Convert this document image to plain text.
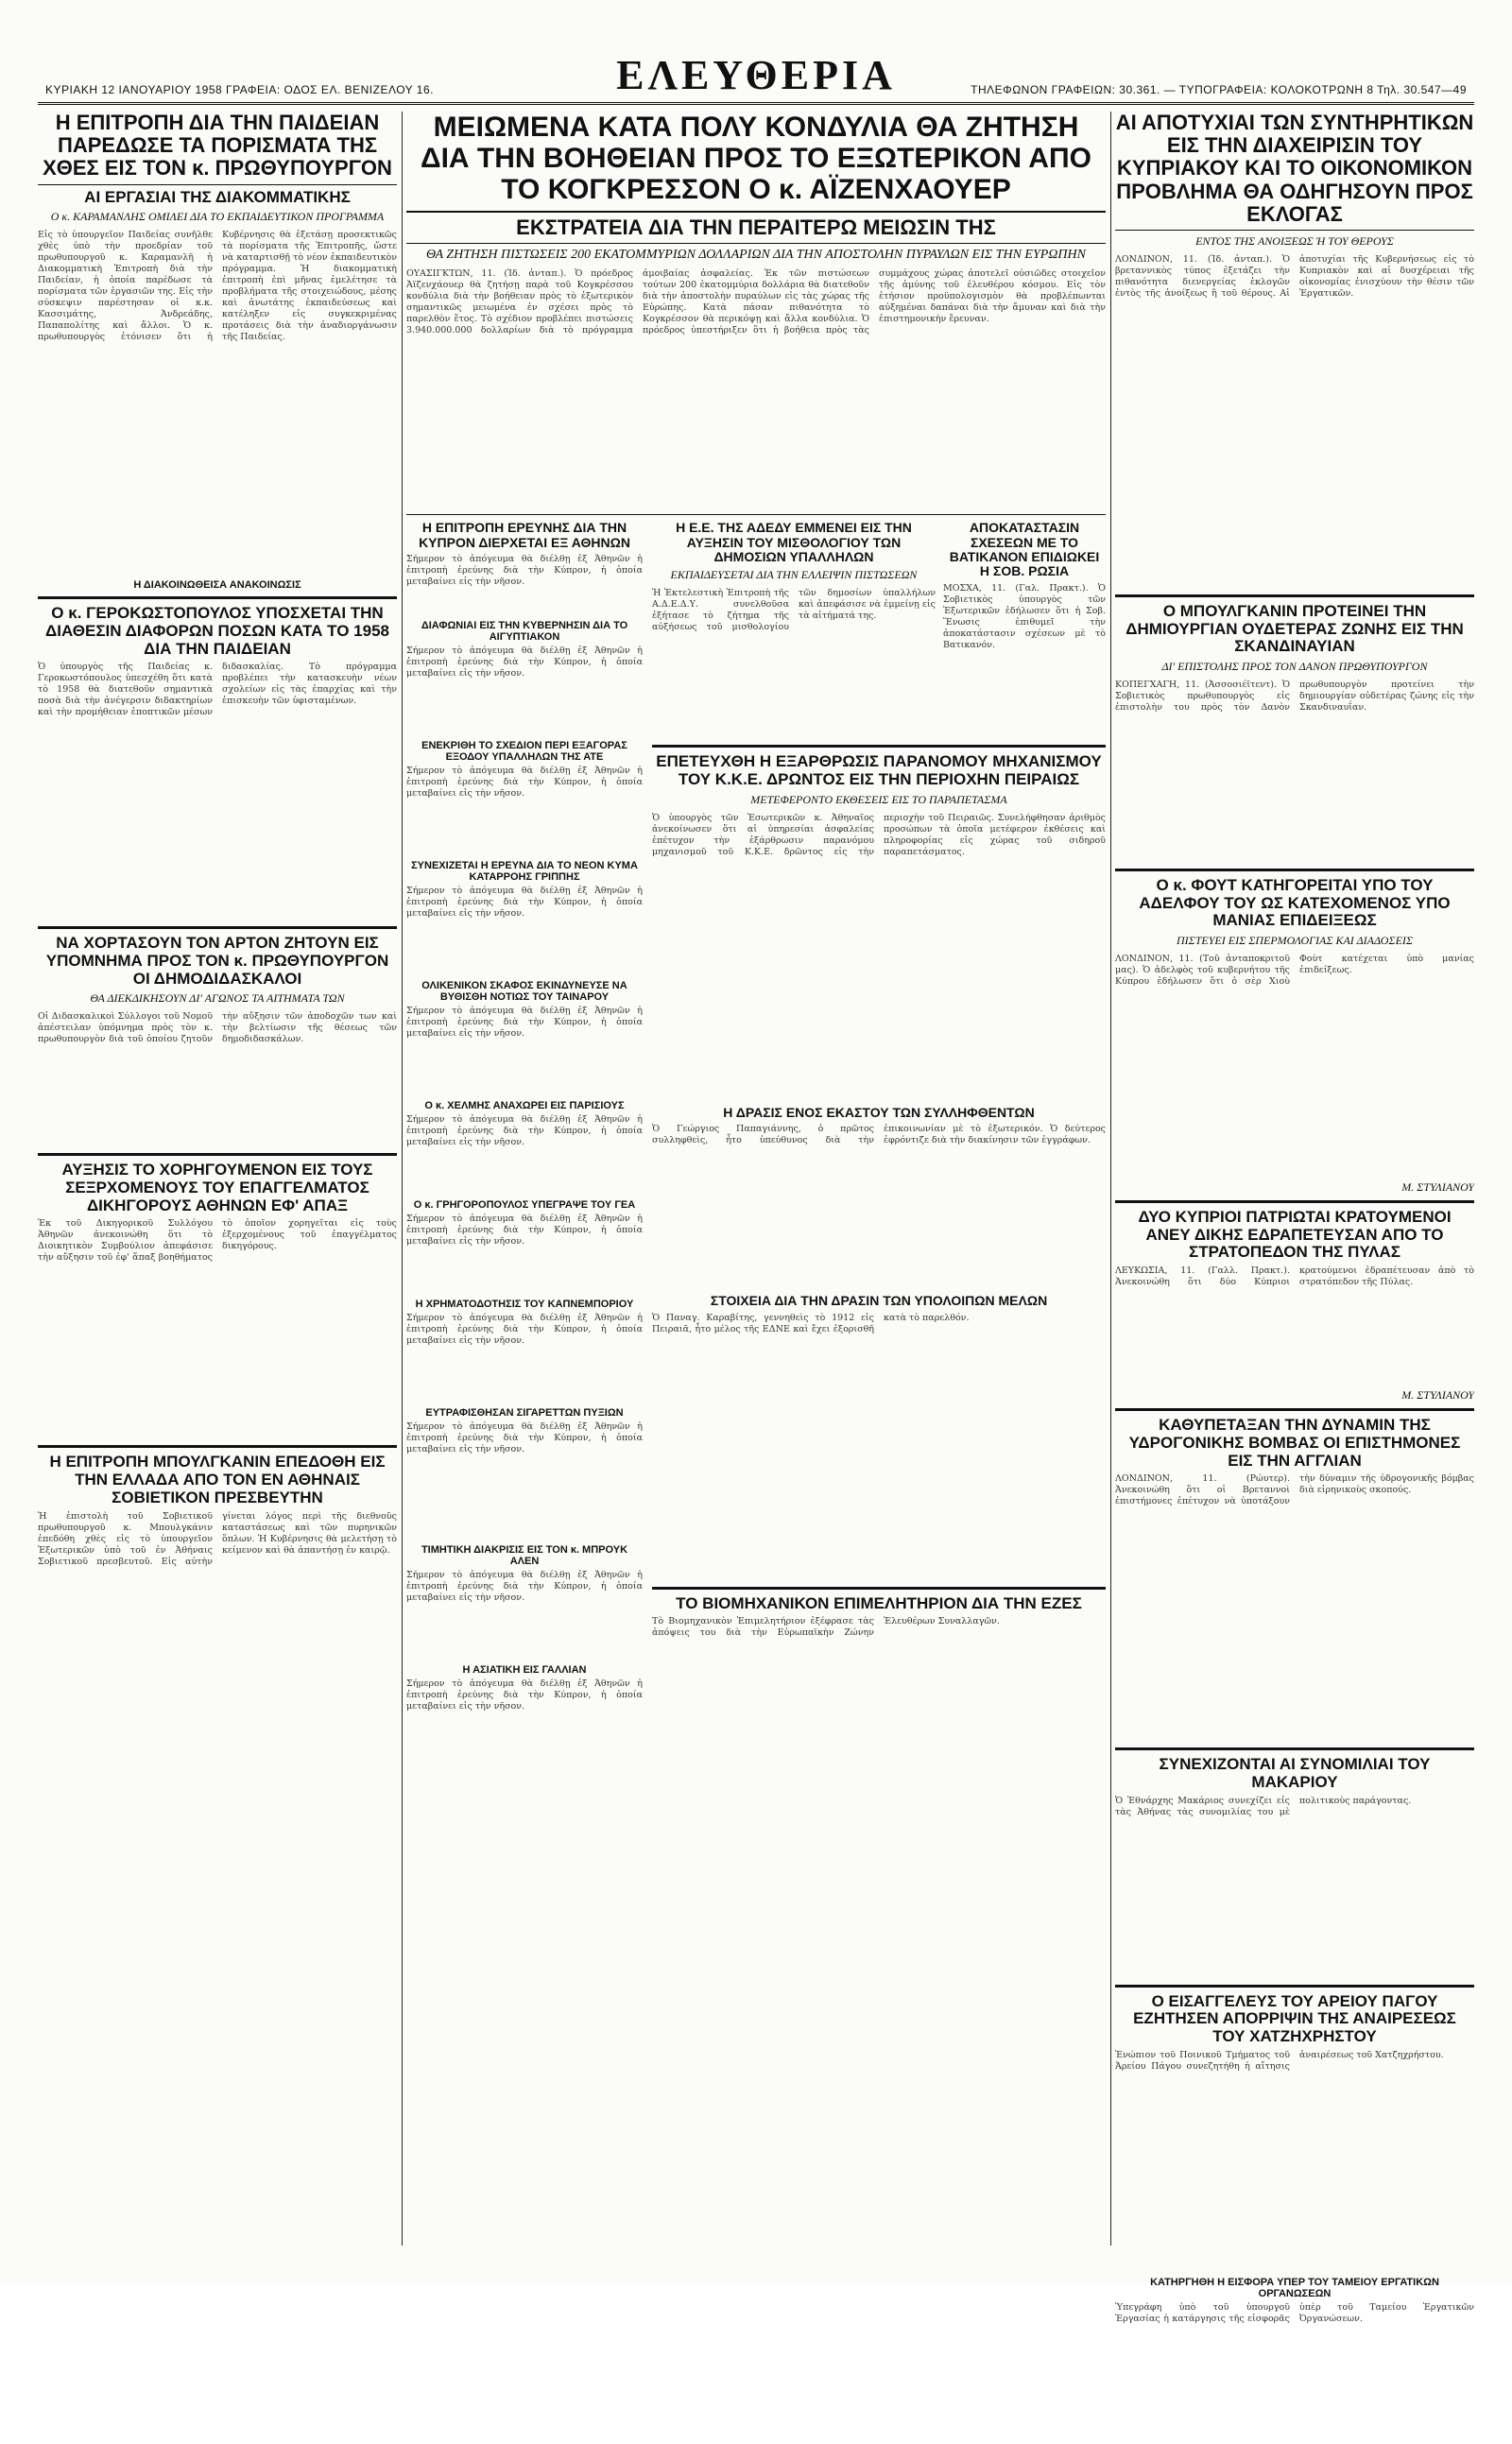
ΚΥΡΙΑΚΗ 12 ΙΑΝΟΥΑΡΙΟΥ 1958 ΓΡΑΦΕΙΑ: ΟΔΟΣ ΕΛ. ΒΕΝΙΖΕΛΟΥ 16.	ΕΛΕΥΘΕΡΙΑ	ΤΗΛΕΦΩΝΟΝ ΓΡΑΦΕΙΩΝ: 30.361. — ΤΥΠΟΓΡΑΦΕΙΑ: ΚΟΛΟΚΟΤΡΩΝΗ 8 Τηλ. 30.547—49
Η ΕΠΙΤΡΟΠΗ ΔΙΑ ΤΗΝ ΠΑΙΔΕΙΑΝ ΠΑΡΕΔΩΣΕ ΤΑ ΠΟΡΙΣΜΑΤΑ ΤΗΣ ΧΘΕΣ ΕΙΣ ΤΟΝ κ. ΠΡΩΘΥΠΟΥΡΓΟΝ
ΑΙ ΕΡΓΑΣΙΑΙ ΤΗΣ ΔΙΑΚΟΜΜΑΤΙΚΗΣ
Ο κ. ΚΑΡΑΜΑΝΛΗΣ ΟΜΙΛΕΙ ΔΙΑ ΤΟ ΕΚΠΑΙΔΕΥΤΙΚΟΝ ΠΡΟΓΡΑΜΜΑ
Εἰς τὸ ὑπουργεῖον Παιδείας συνῆλθε χθὲς ὑπὸ τὴν προεδρίαν τοῦ πρωθυπουργοῦ κ. Καραμανλῆ ἡ Διακομματικὴ Ἐπιτροπὴ διὰ τὴν Παιδείαν, ἡ ὁποία παρέδωσε τὰ πορίσματα τῶν ἐργασιῶν της. Εἰς τὴν σύσκεψιν παρέστησαν οἱ κ.κ. Κασσιμάτης, Ἀνδρεάδης, Παπαπολίτης καὶ ἄλλοι. Ὁ κ. πρωθυπουργὸς ἐτόνισεν ὅτι ἡ Κυβέρνησις θὰ ἐξετάσῃ προσεκτικῶς τὰ πορίσματα τῆς Ἐπιτροπῆς, ὥστε νὰ καταρτισθῇ τὸ νέον ἐκπαιδευτικὸν πρόγραμμα. Ἡ διακομματικὴ ἐπιτροπὴ ἐπὶ μῆνας ἐμελέτησε τὰ προβλήματα τῆς στοιχειώδους, μέσης καὶ ἀνωτάτης ἐκπαιδεύσεως καὶ κατέληξεν εἰς συγκεκριμένας προτάσεις διὰ τὴν ἀναδιοργάνωσιν τῆς Παιδείας.
Η ΔΙΑΚΟΙΝΩΘΕΙΣΑ ΑΝΑΚΟΙΝΩΣΙΣ
Ο κ. ΓΕΡΟΚΩΣΤΟΠΟΥΛΟΣ ΥΠΟΣΧΕΤΑΙ ΤΗΝ ΔΙΑΘΕΣΙΝ ΔΙΑΦΟΡΩΝ ΠΟΣΩΝ ΚΑΤΑ ΤΟ 1958 ΔΙΑ ΤΗΝ ΠΑΙΔΕΙΑΝ
Ὁ ὑπουργὸς τῆς Παιδείας κ. Γεροκωστόπουλος ὑπεσχέθη ὅτι κατὰ τὸ 1958 θὰ διατεθοῦν σημαντικὰ ποσὰ διὰ τὴν ἀνέγερσιν διδακτηρίων καὶ τὴν προμήθειαν ἐποπτικῶν μέσων διδασκαλίας. Τὸ πρόγραμμα προβλέπει τὴν κατασκευὴν νέων σχολείων εἰς τὰς ἐπαρχίας καὶ τὴν ἐπισκευὴν τῶν ὑφισταμένων.
ΝΑ ΧΟΡΤΑΣΟΥΝ ΤΟΝ ΑΡΤΟΝ ΖΗΤΟΥΝ ΕΙΣ ΥΠΟΜΝΗΜΑ ΠΡΟΣ ΤΟΝ κ. ΠΡΩΘΥΠΟΥΡΓΟΝ ΟΙ ΔΗΜΟΔΙΔΑΣΚΑΛΟΙ
ΘΑ ΔΙΕΚΔΙΚΗΣΟΥΝ ΔΙ' ΑΓΩΝΟΣ ΤΑ ΑΙΤΗΜΑΤΑ ΤΩΝ
Οἱ Διδασκαλικοὶ Σύλλογοι τοῦ Νομοῦ ἀπέστειλαν ὑπόμνημα πρὸς τὸν κ. πρωθυπουργὸν διὰ τοῦ ὁποίου ζητοῦν τὴν αὔξησιν τῶν ἀποδοχῶν των καὶ τὴν βελτίωσιν τῆς θέσεως τῶν δημοδιδασκάλων.
ΑΥΞΗΣΙΣ ΤΟ ΧΟΡΗΓΟΥΜΕΝΟΝ ΕΙΣ ΤΟΥΣ ΣΕΞΡΧΟΜΕΝΟΥΣ ΤΟΥ ΕΠΑΓΓΕΛΜΑΤΟΣ ΔΙΚΗΓΟΡΟΥΣ ΑΘΗΝΩΝ ΕΦ' ΑΠΑΞ
Ἐκ τοῦ Δικηγορικοῦ Συλλόγου Ἀθηνῶν ἀνεκοινώθη ὅτι τὸ Διοικητικὸν Συμβούλιον ἀπεφάσισε τὴν αὔξησιν τοῦ ἐφ' ἅπαξ βοηθήματος τὸ ὁποῖον χορηγεῖται εἰς τοὺς ἐξερχομένους τοῦ ἐπαγγέλματος δικηγόρους.
Η ΕΠΙΤΡΟΠΗ ΜΠΟΥΛΓΚΑΝΙΝ ΕΠΕΔΟΘΗ ΕΙΣ ΤΗΝ ΕΛΛΑΔΑ ΑΠΟ ΤΟΝ ΕΝ ΑΘΗΝΑΙΣ ΣΟΒΙΕΤΙΚΟΝ ΠΡΕΣΒΕΥΤΗΝ
Ἡ ἐπιστολὴ τοῦ Σοβιετικοῦ πρωθυπουργοῦ κ. Μπουλγκάνιν ἐπεδόθη χθὲς εἰς τὸ ὑπουργεῖον Ἐξωτερικῶν ὑπὸ τοῦ ἐν Ἀθήναις Σοβιετικοῦ πρεσβευτοῦ. Εἰς αὐτὴν γίνεται λόγος περὶ τῆς διεθνοῦς καταστάσεως καὶ τῶν πυρηνικῶν ὅπλων. Ἡ Κυβέρνησις θὰ μελετήσῃ τὸ κείμενον καὶ θὰ ἀπαντήσῃ ἐν καιρῷ.
ΜΕΙΩΜΕΝΑ ΚΑΤΑ ΠΟΛΥ ΚΟΝΔΥΛΙΑ ΘΑ ΖΗΤΗΣΗ ΔΙΑ ΤΗΝ ΒΟΗΘΕΙΑΝ ΠΡΟΣ ΤΟ ΕΞΩΤΕΡΙΚΟΝ ΑΠΟ ΤΟ ΚΟΓΚΡΕΣΣΟΝ Ο κ. ΑΪΖΕΝΧΑΟΥΕΡ
ΕΚΣΤΡΑΤΕΙΑ ΔΙΑ ΤΗΝ ΠΕΡΑΙΤΕΡΩ ΜΕΙΩΣΙΝ ΤΗΣ
ΘΑ ΖΗΤΗΣΗ ΠΙΣΤΩΣΕΙΣ 200 ΕΚΑΤΟΜΜΥΡΙΩΝ ΔΟΛΛΑΡΙΩΝ ΔΙΑ ΤΗΝ ΑΠΟΣΤΟΛΗΝ ΠΥΡΑΥΛΩΝ ΕΙΣ ΤΗΝ ΕΥΡΩΠΗΝ
ΟΥΑΣΙΓΚΤΩΝ, 11. (Ἰδ. ἀνταπ.). Ὁ πρόεδρος Ἀϊζενχάουερ θὰ ζητήσῃ παρὰ τοῦ Κογκρέσσου κονδύλια διὰ τὴν βοήθειαν πρὸς τὸ ἐξωτερικὸν σημαντικῶς μειωμένα ἐν σχέσει πρὸς τὸ παρελθὸν ἔτος. Τὸ σχέδιον προβλέπει πιστώσεις 3.940.000.000 δολλαρίων διὰ τὸ πρόγραμμα ἀμοιβαίας ἀσφαλείας. Ἐκ τῶν πιστώσεων τούτων 200 ἑκατομμύρια δολλάρια θὰ διατεθοῦν διὰ τὴν ἀποστολὴν πυραύλων εἰς τὰς χώρας τῆς Εὐρώπης. Κατὰ πάσαν πιθανότητα τὸ Κογκρέσσον θὰ περικόψῃ καὶ ἄλλα κονδύλια. Ὁ πρόεδρος ὑπεστήριξεν ὅτι ἡ βοήθεια πρὸς τὰς συμμάχους χώρας ἀποτελεῖ οὐσιῶδες στοιχεῖον τῆς ἀμύνης τοῦ ἐλευθέρου κόσμου. Εἰς τὸν ἐτήσιον προϋπολογισμὸν θὰ προβλέπωνται αὐξημέναι δαπάναι διὰ τὴν ἄμυναν καὶ διὰ τὴν ἐπιστημονικὴν ἔρευναν.
Η ΕΠΙΤΡΟΠΗ ΕΡΕΥΝΗΣ ΔΙΑ ΤΗΝ ΚΥΠΡΟΝ ΔΙΕΡΧΕΤΑΙ ΕΞ ΑΘΗΝΩΝ
Σήμερον τὸ ἀπόγευμα θὰ διέλθῃ ἐξ Ἀθηνῶν ἡ ἐπιτροπὴ ἐρεύνης διὰ τὴν Κύπρον, ἡ ὁποία μεταβαίνει εἰς τὴν νῆσον.
ΔΙΑΦΩΝΙΑΙ ΕΙΣ ΤΗΝ ΚΥΒΕΡΝΗΣΙΝ ΔΙΑ ΤΟ ΑΙΓΥΠΤΙΑΚΟΝ
Σήμερον τὸ ἀπόγευμα θὰ διέλθῃ ἐξ Ἀθηνῶν ἡ ἐπιτροπὴ ἐρεύνης διὰ τὴν Κύπρον, ἡ ὁποία μεταβαίνει εἰς τὴν νῆσον.
ΕΝΕΚΡΙΘΗ ΤΟ ΣΧΕΔΙΟΝ ΠΕΡΙ ΕΞΑΓΟΡΑΣ ΕΞΟΔΟΥ ΥΠΑΛΛΗΛΩΝ ΤΗΣ ΑΤΕ
Σήμερον τὸ ἀπόγευμα θὰ διέλθῃ ἐξ Ἀθηνῶν ἡ ἐπιτροπὴ ἐρεύνης διὰ τὴν Κύπρον, ἡ ὁποία μεταβαίνει εἰς τὴν νῆσον.
ΣΥΝΕΧΙΖΕΤΑΙ Η ΕΡΕΥΝΑ ΔΙΑ ΤΟ ΝΕΟΝ ΚΥΜΑ ΚΑΤΑΡΡΟΗΣ ΓΡΙΠΠΗΣ
Σήμερον τὸ ἀπόγευμα θὰ διέλθῃ ἐξ Ἀθηνῶν ἡ ἐπιτροπὴ ἐρεύνης διὰ τὴν Κύπρον, ἡ ὁποία μεταβαίνει εἰς τὴν νῆσον.
ΟΛΙΚΕΝΙΚΟΝ ΣΚΑΦΟΣ ΕΚΙΝΔΥΝΕΥΣΕ ΝΑ ΒΥΘΙΣΘΗ ΝΟΤΙΩΣ ΤΟΥ ΤΑΙΝΑΡΟΥ
Σήμερον τὸ ἀπόγευμα θὰ διέλθῃ ἐξ Ἀθηνῶν ἡ ἐπιτροπὴ ἐρεύνης διὰ τὴν Κύπρον, ἡ ὁποία μεταβαίνει εἰς τὴν νῆσον.
Ο κ. ΧΕΛΜΗΣ ΑΝΑΧΩΡΕΙ ΕΙΣ ΠΑΡΙΣΙΟΥΣ
Σήμερον τὸ ἀπόγευμα θὰ διέλθῃ ἐξ Ἀθηνῶν ἡ ἐπιτροπὴ ἐρεύνης διὰ τὴν Κύπρον, ἡ ὁποία μεταβαίνει εἰς τὴν νῆσον.
Ο κ. ΓΡΗΓΟΡΟΠΟΥΛΟΣ ΥΠΕΓΡΑΨΕ ΤΟΥ ΓΕΑ
Σήμερον τὸ ἀπόγευμα θὰ διέλθῃ ἐξ Ἀθηνῶν ἡ ἐπιτροπὴ ἐρεύνης διὰ τὴν Κύπρον, ἡ ὁποία μεταβαίνει εἰς τὴν νῆσον.
Η ΧΡΗΜΑΤΟΔΟΤΗΣΙΣ ΤΟΥ ΚΑΠΝΕΜΠΟΡΙΟΥ
Σήμερον τὸ ἀπόγευμα θὰ διέλθῃ ἐξ Ἀθηνῶν ἡ ἐπιτροπὴ ἐρεύνης διὰ τὴν Κύπρον, ἡ ὁποία μεταβαίνει εἰς τὴν νῆσον.
ΕΥΤΡΑΦΙΣΘΗΣΑΝ ΣΙΓΑΡΕΤΤΩΝ ΠΥΞΙΩΝ
Σήμερον τὸ ἀπόγευμα θὰ διέλθῃ ἐξ Ἀθηνῶν ἡ ἐπιτροπὴ ἐρεύνης διὰ τὴν Κύπρον, ἡ ὁποία μεταβαίνει εἰς τὴν νῆσον.
ΤΙΜΗΤΙΚΗ ΔΙΑΚΡΙΣΙΣ ΕΙΣ ΤΟΝ κ. ΜΠΡΟΥΚ ΑΛΕΝ
Σήμερον τὸ ἀπόγευμα θὰ διέλθῃ ἐξ Ἀθηνῶν ἡ ἐπιτροπὴ ἐρεύνης διὰ τὴν Κύπρον, ἡ ὁποία μεταβαίνει εἰς τὴν νῆσον.
Η ΑΣΙΑΤΙΚΗ ΕΙΣ ΓΑΛΛΙΑΝ
Σήμερον τὸ ἀπόγευμα θὰ διέλθῃ ἐξ Ἀθηνῶν ἡ ἐπιτροπὴ ἐρεύνης διὰ τὴν Κύπρον, ἡ ὁποία μεταβαίνει εἰς τὴν νῆσον.
Η Ε.Ε. ΤΗΣ ΑΔΕΔΥ ΕΜΜΕΝΕΙ ΕΙΣ ΤΗΝ ΑΥΞΗΣΙΝ ΤΟΥ ΜΙΣΘΟΛΟΓΙΟΥ ΤΩΝ ΔΗΜΟΣΙΩΝ ΥΠΑΛΛΗΛΩΝ
ΕΚΠΑΙΔΕΥΣΕΤΑΙ ΔΙΑ ΤΗΝ ΕΛΛΕΙΨΙΝ ΠΙΣΤΩΣΕΩΝ
Ἡ Ἐκτελεστικὴ Ἐπιτροπὴ τῆς Α.Δ.Ε.Δ.Υ. συνελθοῦσα ἐξήτασε τὸ ζήτημα τῆς αὐξήσεως τοῦ μισθολογίου τῶν δημοσίων ὑπαλλήλων καὶ ἀπεφάσισε νὰ ἐμμείνῃ εἰς τὰ αἰτήματά της.
ΑΠΟΚΑΤΑΣΤΑΣΙΝ ΣΧΕΣΕΩΝ ΜΕ ΤΟ ΒΑΤΙΚΑΝΟΝ ΕΠΙΔΙΩΚΕΙ Η ΣΟΒ. ΡΩΣΙΑ
ΜΟΣΧΑ, 11. (Γαλ. Πρακτ.). Ὁ Σοβιετικὸς ὑπουργὸς τῶν Ἐξωτερικῶν ἐδήλωσεν ὅτι ἡ Σοβ. Ἕνωσις ἐπιθυμεῖ τὴν ἀποκατάστασιν σχέσεων μὲ τὸ Βατικανόν.
ΕΠΕΤΕΥΧΘΗ Η ΕΞΑΡΘΡΩΣΙΣ ΠΑΡΑΝΟΜΟΥ ΜΗΧΑΝΙΣΜΟΥ ΤΟΥ Κ.Κ.Ε. ΔΡΩΝΤΟΣ ΕΙΣ ΤΗΝ ΠΕΡΙΟΧΗΝ ΠΕΙΡΑΙΩΣ
ΜΕΤΕΦΕΡΟΝΤΟ ΕΚΘΕΣΕΙΣ ΕΙΣ ΤΟ ΠΑΡΑΠΕΤΑΣΜΑ
Ὁ ὑπουργὸς τῶν Ἐσωτερικῶν κ. Ἀθηναῖος ἀνεκοίνωσεν ὅτι αἱ ὑπηρεσίαι ἀσφαλείας ἐπέτυχον τὴν ἐξάρθρωσιν παρανόμου μηχανισμοῦ τοῦ Κ.Κ.Ε. δρῶντος εἰς τὴν περιοχὴν τοῦ Πειραιῶς. Συνελήφθησαν ἀριθμὸς προσώπων τὰ ὁποῖα μετέφερον ἐκθέσεις καὶ πληροφορίας εἰς χώρας τοῦ σιδηροῦ παραπετάσματος.
Η ΔΡΑΣΙΣ ΕΝΟΣ ΕΚΑΣΤΟΥ ΤΩΝ ΣΥΛΛΗΦΘΕΝΤΩΝ
Ὁ Γεώργιος Παπαγιάννης, ὁ πρῶτος συλληφθεὶς, ἦτο ὑπεύθυνος διὰ τὴν ἐπικοινωνίαν μὲ τὸ ἐξωτερικόν. Ὁ δεύτερος ἐφρόντιζε διὰ τὴν διακίνησιν τῶν ἐγγράφων.
ΣΤΟΙΧΕΙΑ ΔΙΑ ΤΗΝ ΔΡΑΣΙΝ ΤΩΝ ΥΠΟΛΟΙΠΩΝ ΜΕΛΩΝ
Ὁ Παναγ. Καραβίτης, γεννηθεὶς τὸ 1912 εἰς Πειραιᾶ, ἦτο μέλος τῆς ΕΔΝΕ καὶ ἔχει ἐξορισθῆ κατὰ τὸ παρελθόν.
ΤΟ ΒΙΟΜΗΧΑΝΙΚΟΝ ΕΠΙΜΕΛΗΤΗΡΙΟΝ ΔΙΑ ΤΗΝ ΕΖΕΣ
Τὸ Βιομηχανικὸν Ἐπιμελητήριον ἐξέφρασε τὰς ἀπόψεις του διὰ τὴν Εὐρωπαϊκὴν Ζώνην Ἐλευθέρων Συναλλαγῶν.
ΑΙ ΑΠΟΤΥΧΙΑΙ ΤΩΝ ΣΥΝΤΗΡΗΤΙΚΩΝ ΕΙΣ ΤΗΝ ΔΙΑΧΕΙΡΙΣΙΝ ΤΟΥ ΚΥΠΡΙΑΚΟΥ ΚΑΙ ΤΟ ΟΙΚΟΝΟΜΙΚΟΝ ΠΡΟΒΛΗΜΑ ΘΑ ΟΔΗΓΗΣΟΥΝ ΠΡΟΣ ΕΚΛΟΓΑΣ
ΕΝΤΟΣ ΤΗΣ ΑΝΟΙΞΕΩΣ Ή ΤΟΥ ΘΕΡΟΥΣ
ΛΟΝΔΙΝΟΝ, 11. (Ἰδ. ἀνταπ.). Ὁ βρεταννικὸς τύπος ἐξετάζει τὴν πιθανότητα διενεργείας ἐκλογῶν ἐντὸς τῆς ἀνοίξεως ἢ τοῦ θέρους. Αἱ ἀποτυχίαι τῆς Κυβερνήσεως εἰς τὸ Κυπριακὸν καὶ αἱ δυσχέρειαι τῆς οἰκονομίας ἐνισχύουν τὴν θέσιν τῶν Ἐργατικῶν.
Ο ΜΠΟΥΛΓΚΑΝΙΝ ΠΡΟΤΕΙΝΕΙ ΤΗΝ ΔΗΜΙΟΥΡΓΙΑΝ ΟΥΔΕΤΕΡΑΣ ΖΩΝΗΣ ΕΙΣ ΤΗΝ ΣΚΑΝΔΙΝΑΥΙΑΝ
ΔΙ' ΕΠΙΣΤΟΛΗΣ ΠΡΟΣ ΤΟΝ ΔΑΝΟΝ ΠΡΩΘΥΠΟΥΡΓΟΝ
ΚΟΠΕΓΧΑΓΗ, 11. (Ἀσσοσιέϊτεντ). Ὁ Σοβιετικὸς πρωθυπουργὸς εἰς ἐπιστολὴν του πρὸς τὸν Δανὸν πρωθυπουργὸν προτείνει τὴν δημιουργίαν οὐδετέρας ζώνης εἰς τὴν Σκανδιναυΐαν.
Ο κ. ΦΟΥΤ ΚΑΤΗΓΟΡΕΙΤΑΙ ΥΠΟ ΤΟΥ ΑΔΕΛΦΟΥ ΤΟΥ ΩΣ ΚΑΤΕΧΟΜΕΝΟΣ ΥΠΟ ΜΑΝΙΑΣ ΕΠΙΔΕΙΞΕΩΣ
ΠΙΣΤΕΥΕΙ ΕΙΣ ΣΠΕΡΜΟΛΟΓΙΑΣ ΚΑΙ ΔΙΑΔΟΣΕΙΣ
ΛΟΝΔΙΝΟΝ, 11. (Τοῦ ἀνταποκριτοῦ μας). Ὁ ἀδελφὸς τοῦ κυβερνήτου τῆς Κύπρου ἐδήλωσεν ὅτι ὁ σὲρ Χιοὺ Φοὺτ κατέχεται ὑπὸ μανίας ἐπιδείξεως.
Μ. ΣΤΥΛΙΑΝΟΥ
ΔΥΟ ΚΥΠΡΙΟΙ ΠΑΤΡΙΩΤΑΙ ΚΡΑΤΟΥΜΕΝΟΙ ΑΝΕΥ ΔΙΚΗΣ ΕΔΡΑΠΕΤΕΥΣΑΝ ΑΠΟ ΤΟ ΣΤΡΑΤΟΠΕΔΟΝ ΤΗΣ ΠΥΛΑΣ
ΛΕΥΚΩΣΙΑ, 11. (Γαλλ. Πρακτ.). Ἀνεκοινώθη ὅτι δύο Κύπριοι κρατούμενοι ἐδραπέτευσαν ἀπὸ τὸ στρατόπεδον τῆς Πύλας.
Μ. ΣΤΥΛΙΑΝΟΥ
ΚΑΘΥΠΕΤΑΞΑΝ ΤΗΝ ΔΥΝΑΜΙΝ ΤΗΣ ΥΔΡΟΓΟΝΙΚΗΣ ΒΟΜΒΑΣ ΟΙ ΕΠΙΣΤΗΜΟΝΕΣ ΕΙΣ ΤΗΝ ΑΓΓΛΙΑΝ
ΛΟΝΔΙΝΟΝ, 11. (Ρώυτερ). Ἀνεκοινώθη ὅτι οἱ Βρεταννοὶ ἐπιστήμονες ἐπέτυχον νὰ ὑποτάξουν τὴν δύναμιν τῆς ὑδρογονικῆς βόμβας διὰ εἰρηνικοὺς σκοπούς.
ΣΥΝΕΧΙΖΟΝΤΑΙ ΑΙ ΣΥΝΟΜΙΛΙΑΙ ΤΟΥ ΜΑΚΑΡΙΟΥ
Ὁ Ἐθνάρχης Μακάριος συνεχίζει εἰς τὰς Ἀθήνας τὰς συνομιλίας του μὲ πολιτικοὺς παράγοντας.
Ο ΕΙΣΑΓΓΕΛΕΥΣ ΤΟΥ ΑΡΕΙΟΥ ΠΑΓΟΥ ΕΖΗΤΗΣΕΝ ΑΠΟΡΡΙΨΙΝ ΤΗΣ ΑΝΑΙΡΕΣΕΩΣ ΤΟΥ ΧΑΤΖΗΧΡΗΣΤΟΥ
Ἐνώπιον τοῦ Ποινικοῦ Τμήματος τοῦ Ἀρείου Πάγου συνεζητήθη ἡ αἴτησις ἀναιρέσεως τοῦ Χατζηχρήστου.
ΚΑΤΗΡΓΗΘΗ Η ΕΙΣΦΟΡΑ ΥΠΕΡ ΤΟΥ ΤΑΜΕΙΟΥ ΕΡΓΑΤΙΚΩΝ ΟΡΓΑΝΩΣΕΩΝ
Ὑπεγράφη ὑπὸ τοῦ ὑπουργοῦ Ἐργασίας ἡ κατάργησις τῆς εἰσφορᾶς ὑπὲρ τοῦ Ταμείου Ἐργατικῶν Ὀργανώσεων.
